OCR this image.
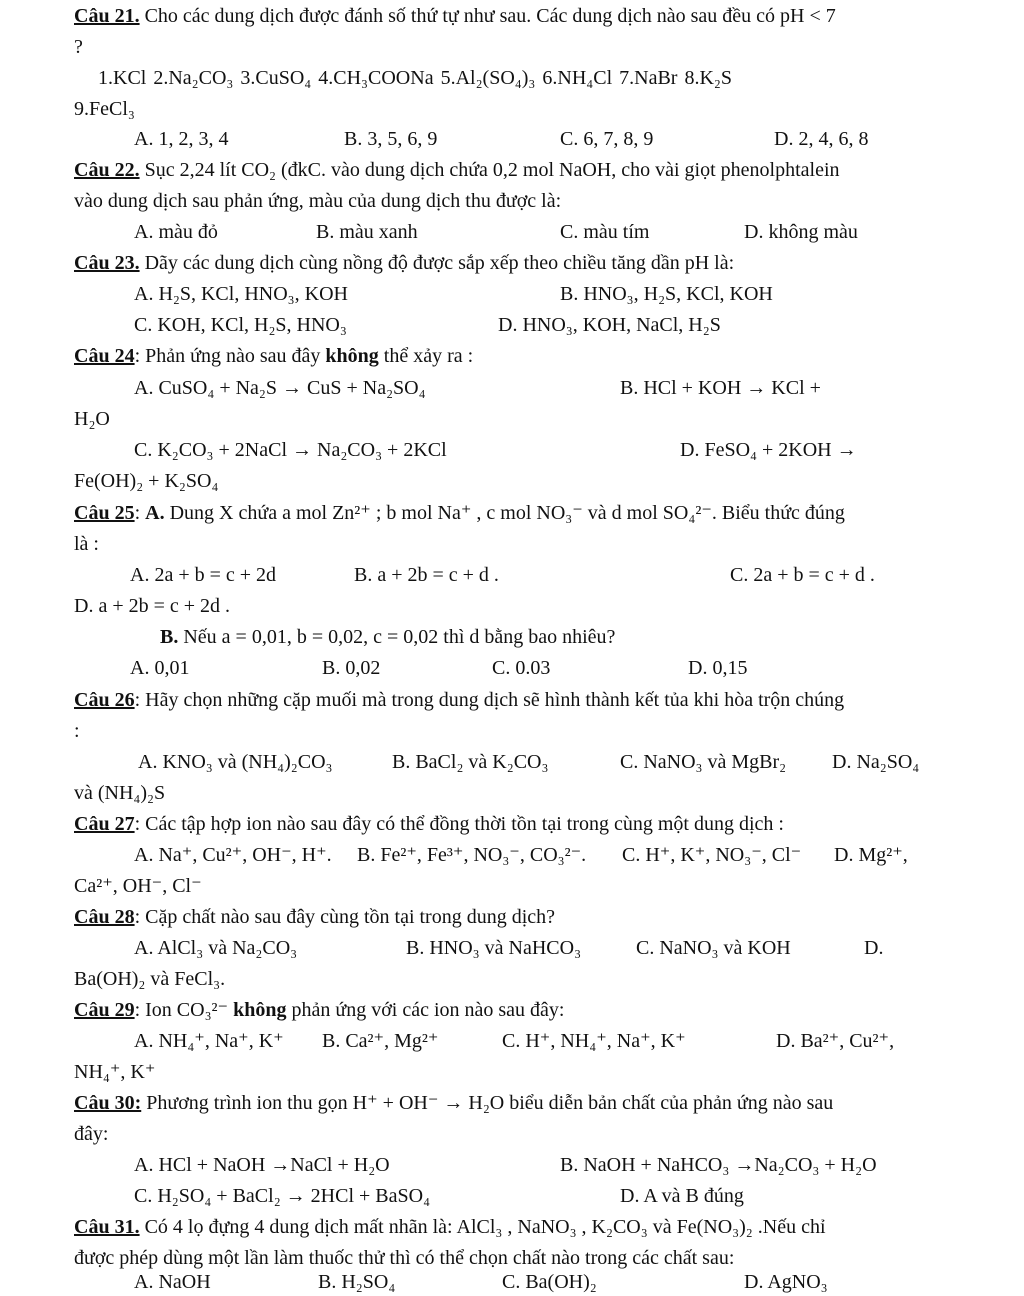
Câu 21. Cho các dung dịch được đánh số thứ tự như sau. Các dung dịch nào sau đều có pH < 7
?
1.KCl 2.Na₂CO₃ 3.CuSO₄ 4.CH₃COONa 5.Al₂(SO₄)₃ 6.NH₄Cl 7.NaBr 8.K₂S
9.FeCl₃
A. 1, 2, 3, 4	B. 3, 5, 6, 9	C. 6, 7, 8, 9	D. 2, 4, 6, 8
Câu 22. Sục 2,24 lít CO₂ (đkC. vào dung dịch chứa 0,2 mol NaOH, cho vài giọt phenolphtalein
vào dung dịch sau phản ứng, màu của dung dịch thu được là:
A. màu đỏ	B. màu xanh	C. màu tím	D. không màu
Câu 23. Dãy các dung dịch cùng nồng độ được sắp xếp theo chiều tăng dần pH là:
A. H₂S, KCl, HNO₃, KOH	B. HNO₃, H₂S, KCl, KOH
C. KOH, KCl, H₂S, HNO₃	D. HNO₃, KOH, NaCl, H₂S
Câu 24: Phản ứng nào sau đây không thể xảy ra :
A. CuSO₄ + Na₂S → CuS + Na₂SO₄	B. HCl + KOH → KCl +
H₂O
C. K₂CO₃ + 2NaCl → Na₂CO₃ + 2KCl	D. FeSO₄ + 2KOH →
Fe(OH)₂ + K₂SO₄
Câu 25: A. Dung X chứa a mol Zn²⁺ ; b mol Na⁺ , c mol NO₃⁻ và d mol SO₄²⁻. Biểu thức đúng
là :
A. 2a + b = c + 2d	B. a + 2b = c + d .	C. 2a + b = c + d .
D. a + 2b = c + 2d .
B. Nếu a = 0,01, b = 0,02, c = 0,02 thì d bằng bao nhiêu?
A. 0,01	B. 0,02	C. 0.03	D. 0,15
Câu 26: Hãy chọn những cặp muối mà trong dung dịch sẽ hình thành kết tủa khi hòa trộn chúng
:
A. KNO₃ và (NH₄)₂CO₃	B. BaCl₂ và K₂CO₃	C. NaNO₃ và MgBr₂ D. Na₂SO₄
và (NH₄)₂S
Câu 27: Các tập hợp ion nào sau đây có thể đồng thời tồn tại trong cùng một dung dịch :
A. Na⁺, Cu²⁺, OH⁻, H⁺. B. Fe²⁺, Fe³⁺, NO₃⁻, CO₃²⁻. C. H⁺, K⁺, NO₃⁻, Cl⁻ D. Mg²⁺,
Ca²⁺, OH⁻, Cl⁻
Câu 28: Cặp chất nào sau đây cùng tồn tại trong dung dịch?
A. AlCl₃ và Na₂CO₃	B. HNO₃ và NaHCO₃	C. NaNO₃ và KOH	D.
Ba(OH)₂ và FeCl₃.
Câu 29: Ion CO₃²⁻ không phản ứng với các ion nào sau đây:
A. NH₄⁺, Na⁺, K⁺ B. Ca²⁺, Mg²⁺	C. H⁺, NH₄⁺, Na⁺, K⁺	D. Ba²⁺, Cu²⁺,
NH₄⁺, K⁺
Câu 30: Phương trình ion thu gọn H⁺ + OH⁻ → H₂O biểu diễn bản chất của phản ứng nào sau
đây:
A. HCl + NaOH →NaCl + H₂O	B. NaOH + NaHCO₃ →Na₂CO₃ + H₂O
C. H₂SO₄ + BaCl₂ → 2HCl + BaSO₄	D. A và B đúng
Câu 31. Có 4 lọ đựng 4 dung dịch mất nhãn là: AlCl₃ , NaNO₃ , K₂CO₃ và Fe(NO₃)₂ .Nếu chỉ
được phép dùng một lần làm thuốc thử thì có thể chọn chất nào trong các chất sau:
A. NaOH	B. H₂SO₄	C. Ba(OH)₂	D. AgNO₃
